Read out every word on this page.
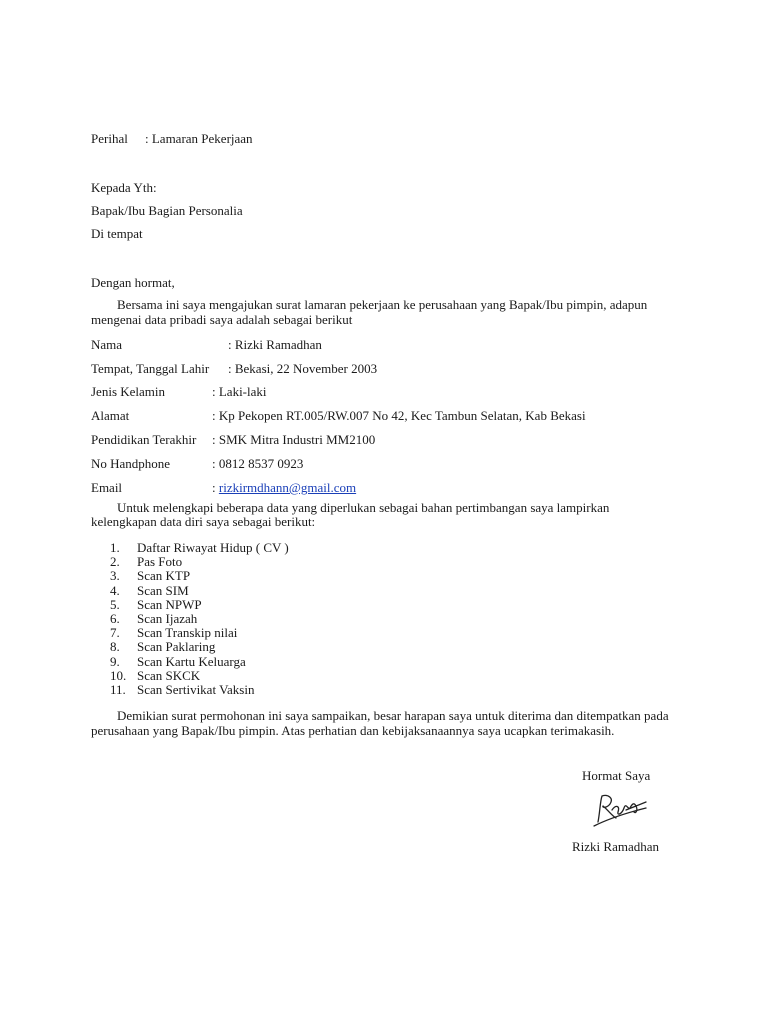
Perihal : Lamaran Pekerjaan
Kepada Yth:
Bapak/Ibu Bagian Personalia
Di tempat
Dengan hormat,
Bersama ini saya mengajukan surat lamaran pekerjaan ke perusahaan yang Bapak/Ibu pimpin, adapun mengenai data pribadi saya adalah sebagai berikut
Nama	: Rizki Ramadhan
Tempat, Tanggal Lahir : Bekasi, 22 November 2003
Jenis Kelamin	: Laki-laki
Alamat	: Kp Pekopen RT.005/RW.007 No 42, Kec Tambun Selatan, Kab Bekasi
Pendidikan Terakhir : SMK Mitra Industri MM2100
No Handphone	: 0812 8537 0923
Email	: rizkirmdhann@gmail.com
Untuk melengkapi beberapa data yang diperlukan sebagai bahan pertimbangan saya lampirkan kelengkapan data diri saya sebagai berikut:
1. Daftar Riwayat Hidup ( CV )
2. Pas Foto
3. Scan KTP
4. Scan SIM
5. Scan NPWP
6. Scan Ijazah
7. Scan Transkip nilai
8. Scan Paklaring
9. Scan Kartu Keluarga
10. Scan SKCK
11. Scan Sertivikat Vaksin
Demikian surat permohonan ini saya sampaikan, besar harapan saya untuk diterima dan ditempatkan pada perusahaan yang Bapak/Ibu pimpin. Atas perhatian dan kebijaksanaannya saya ucapkan terimakasih.
Hormat Saya
Rizki Ramadhan
